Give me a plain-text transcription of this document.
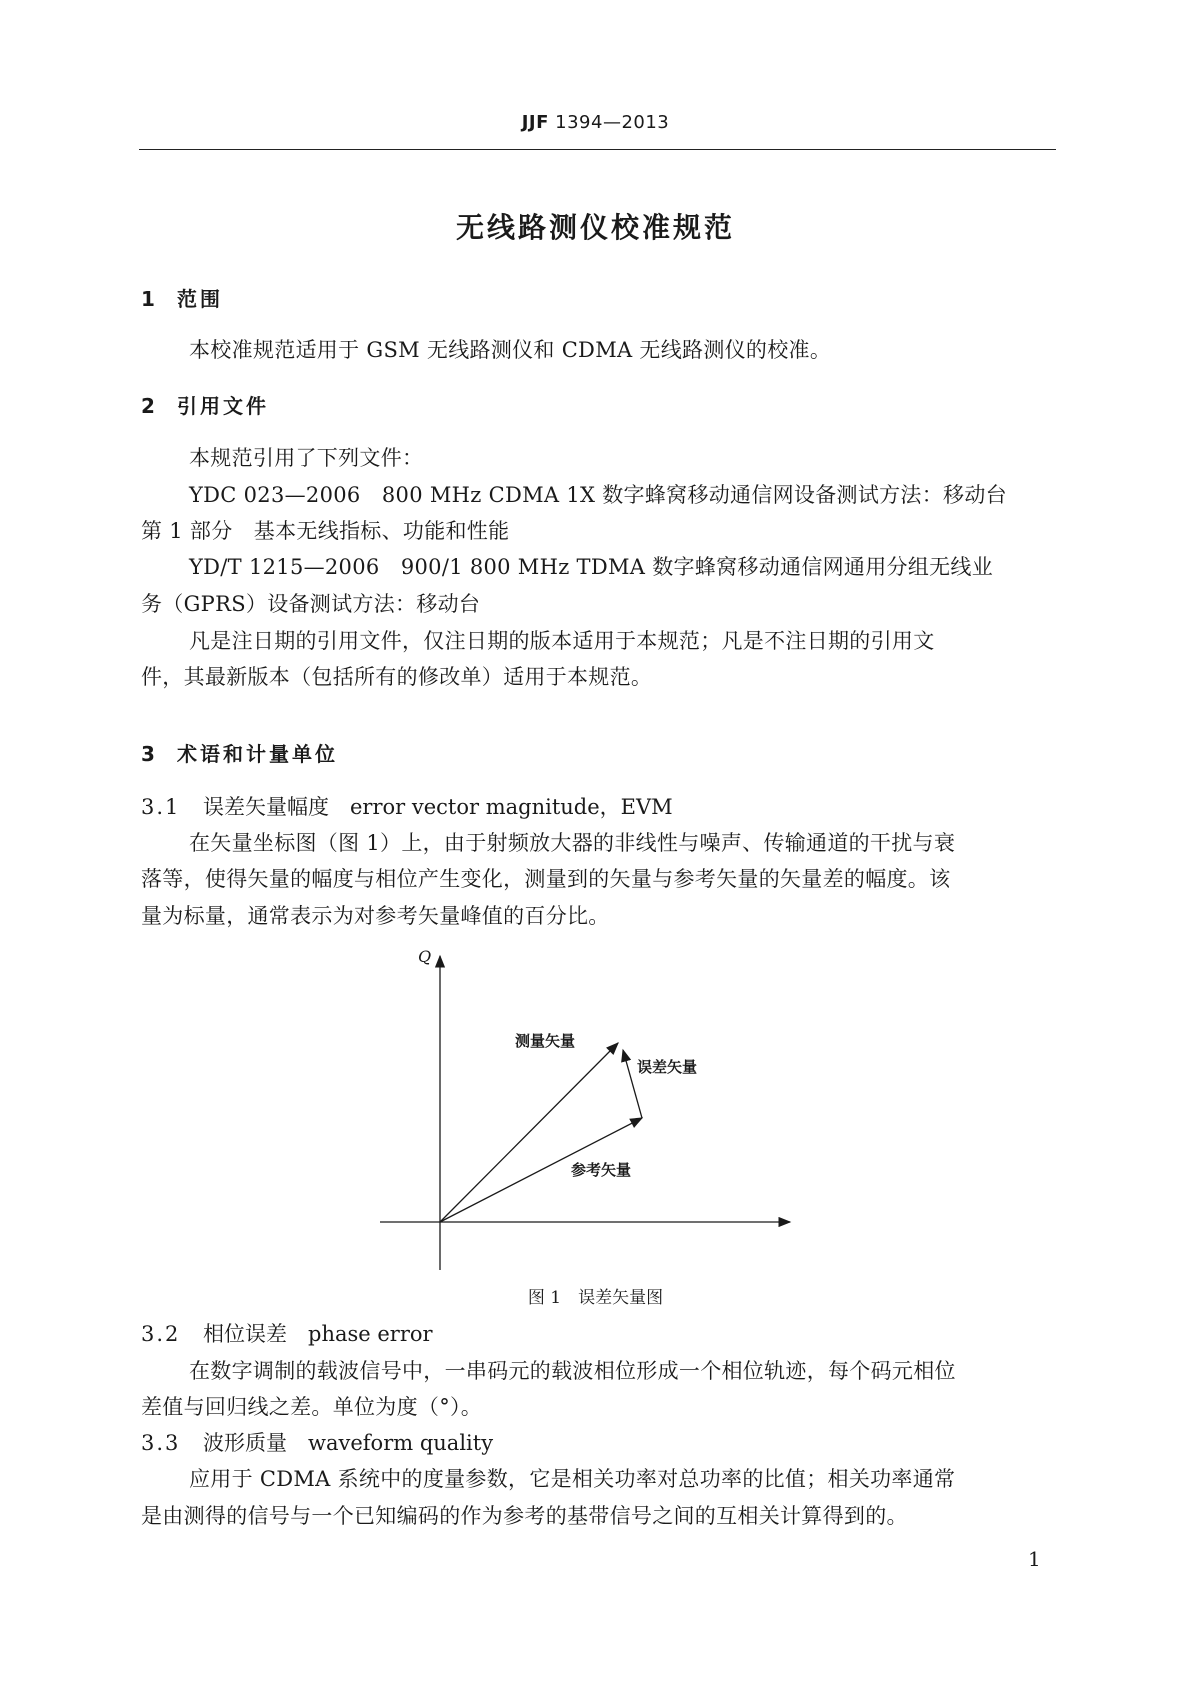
JJF 1394—2013
无线路测仪校准规范
1 范围
本校准规范适用于 GSM 无线路测仪和 CDMA 无线路测仪的校准。
2 引用文件
本规范引用了下列文件：
YDC 023—2006　800 MHz CDMA 1X 数字蜂窝移动通信网设备测试方法：移动台
第 1 部分　基本无线指标、功能和性能
YD/T 1215—2006　900/1 800 MHz TDMA 数字蜂窝移动通信网通用分组无线业
务（GPRS）设备测试方法：移动台
凡是注日期的引用文件，仅注日期的版本适用于本规范；凡是不注日期的引用文
件，其最新版本（包括所有的修改单）适用于本规范。
3 术语和计量单位
3.1 误差矢量幅度　error vector magnitude，EVM
在矢量坐标图（图 1）上，由于射频放大器的非线性与噪声、传输通道的干扰与衰
落等，使得矢量的幅度与相位产生变化，测量到的矢量与参考矢量的矢量差的幅度。该
量为标量，通常表示为对参考矢量峰值的百分比。
Q
测量矢量
误差矢量
参考矢量
图 1　误差矢量图
3.2 相位误差　phase error
在数字调制的载波信号中，一串码元的载波相位形成一个相位轨迹，每个码元相位
差值与回归线之差。单位为度（°）。
3.3 波形质量　waveform quality
应用于 CDMA 系统中的度量参数，它是相关功率对总功率的比值；相关功率通常
是由测得的信号与一个已知编码的作为参考的基带信号之间的互相关计算得到的。
1
